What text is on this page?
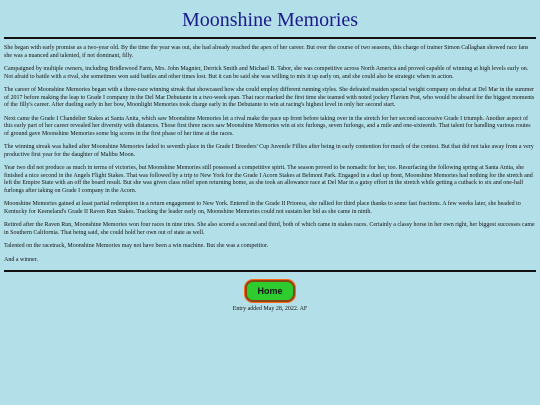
Moonshine Memories

She began with early promise as a two-year old. By the time the year was out, she had already reached the apex of her career. But over the course of two seasons, this charge of trainer Simon Callaghan showed race fans she was a nuanced and talented, if not dominant, filly.

Campaigned by multiple owners, including Bridlewood Farm, Mrs. John Magnier, Derrick Smith and Michael B. Tabor, she was competitive across North America and proved capable of winning at high levels early on. Not afraid to battle with a rival, she sometimes won said battles and other times lost. But it can be said she was willing to mix it up early on, and she could also be strategic when in action.

The career of Moonshine Memories began with a three-race winning streak that showcased how she could employ different running styles. She defeated maiden special weight company on debut at Del Mar in the summer of 2017 before making the leap to Grade I company in the Del Mar Debutante in a two-week span. That race marked the first time she teamed with noted jockey Flavien Prat, who would be aboard for the biggest moments of the filly's career. After dueling early in her bow, Moonlight Memories took charge early in the Debutante to win at racing's highest level in only her second start.

Next came the Grade I Chandelier Stakes at Santa Anita, which saw Moonshine Memories let a rival make the pace up front before taking over in the stretch for her second successive Grade I triumph. Another aspect of this early part of her career revealed her diversity with distances. Those first three races saw Moonshine Memories win at six furlongs, seven furlongs, and a mile and one-sixteenth. That talent for handling various routes of ground gave Moonshine Memories some big scores in the first phase of her time at the races.

The winning streak was halted after Moonshine Memories faded to seventh place in the Grade I Breeders' Cup Juvenile Fillies after being in early contention for much of the contest. But that did not take away from a very productive first year for the daughter of Malibu Moon.

Year two did not produce as much in terms of victories, but Moonshine Memories still possessed a competitive spirit. The season proved to be nomadic for her, too. Resurfacing the following spring at Santa Anita, she finished a nice second in the Angels Flight Stakes. That was followed by a trip to New York for the Grade I Acorn Stakes at Belmont Park. Engaged in a duel up front, Moonshine Memories had nothing for the stretch and left the Empire State with an off the board result. But she was given class relief upon returning home, as she took an allowance race at Del Mar in a gutsy effort in the stretch while getting a cutback to six and one-half furlongs after taking on Grade I company in the Acorn.

Moonshine Memories gained at least partial redemption in a return engagement to New York. Entered in the Grade II Prioress, she rallied for third place thanks to some fast fractions. A few weeks later, she headed to Kentucky for Keeneland's Grade II Raven Run Stakes. Tracking the leader early on, Moonshine Memories could not sustain her bid as she came in ninth.

Retired after the Raven Run, Moonshine Memories won four races in nine tries. She also scored a second and third, both of which came in stakes races. Certainly a classy horse in her own right, her biggest successes came in Southern California. That being said, she could hold her own out of state as well.

Talented on the racetrack, Moonshine Memories may not have been a win machine. But she was a competitor.

And a winner.

Home
Entry added May 28, 2022. AF
